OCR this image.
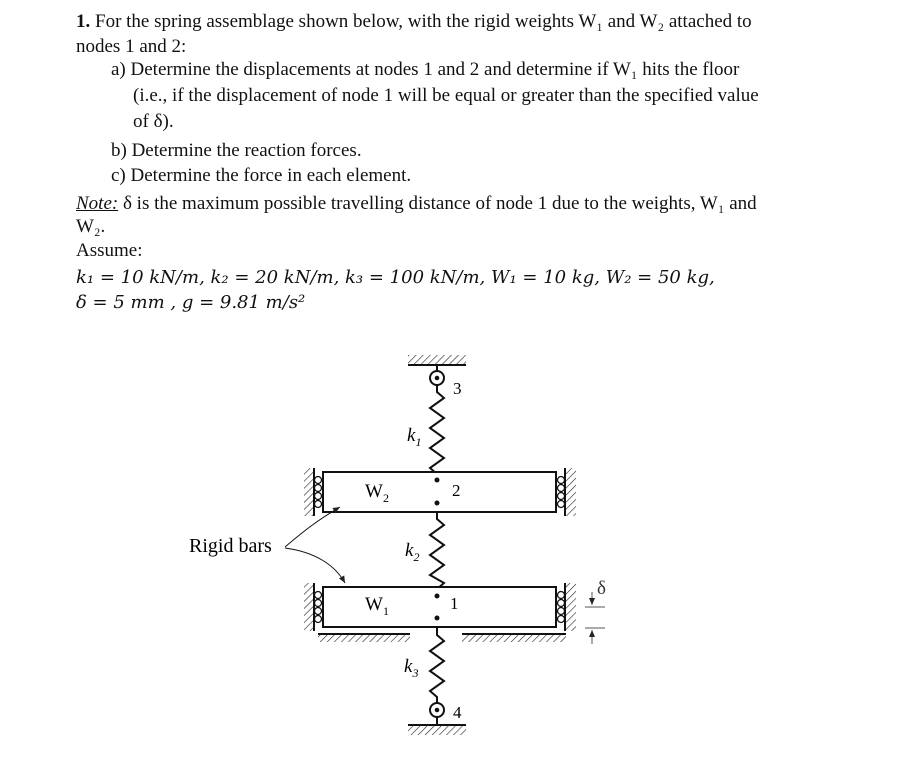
1. For the spring assemblage shown below, with the rigid weights W₁ and W₂ attached to
nodes 1 and 2:
a) Determine the displacements at nodes 1 and 2 and determine if W₁ hits the floor
(i.e., if the displacement of node 1 will be equal or greater than the specified value
of δ).
b) Determine the reaction forces.
c) Determine the force in each element.
Note: δ is the maximum possible travelling distance of node 1 due to the weights, W₁ and
W₂.
Assume:
k₁ = 10 kN/m, k₂ = 20 kN/m, k₃ = 100 kN/m, W₁ = 10 kg, W₂ = 50 kg,
δ = 5 mm , g = 9.81 m/s²
3
$k_1$
$W_2$	2
$k_2$
$W_1$	1
$k_3$
4
Rigid bars
δ
